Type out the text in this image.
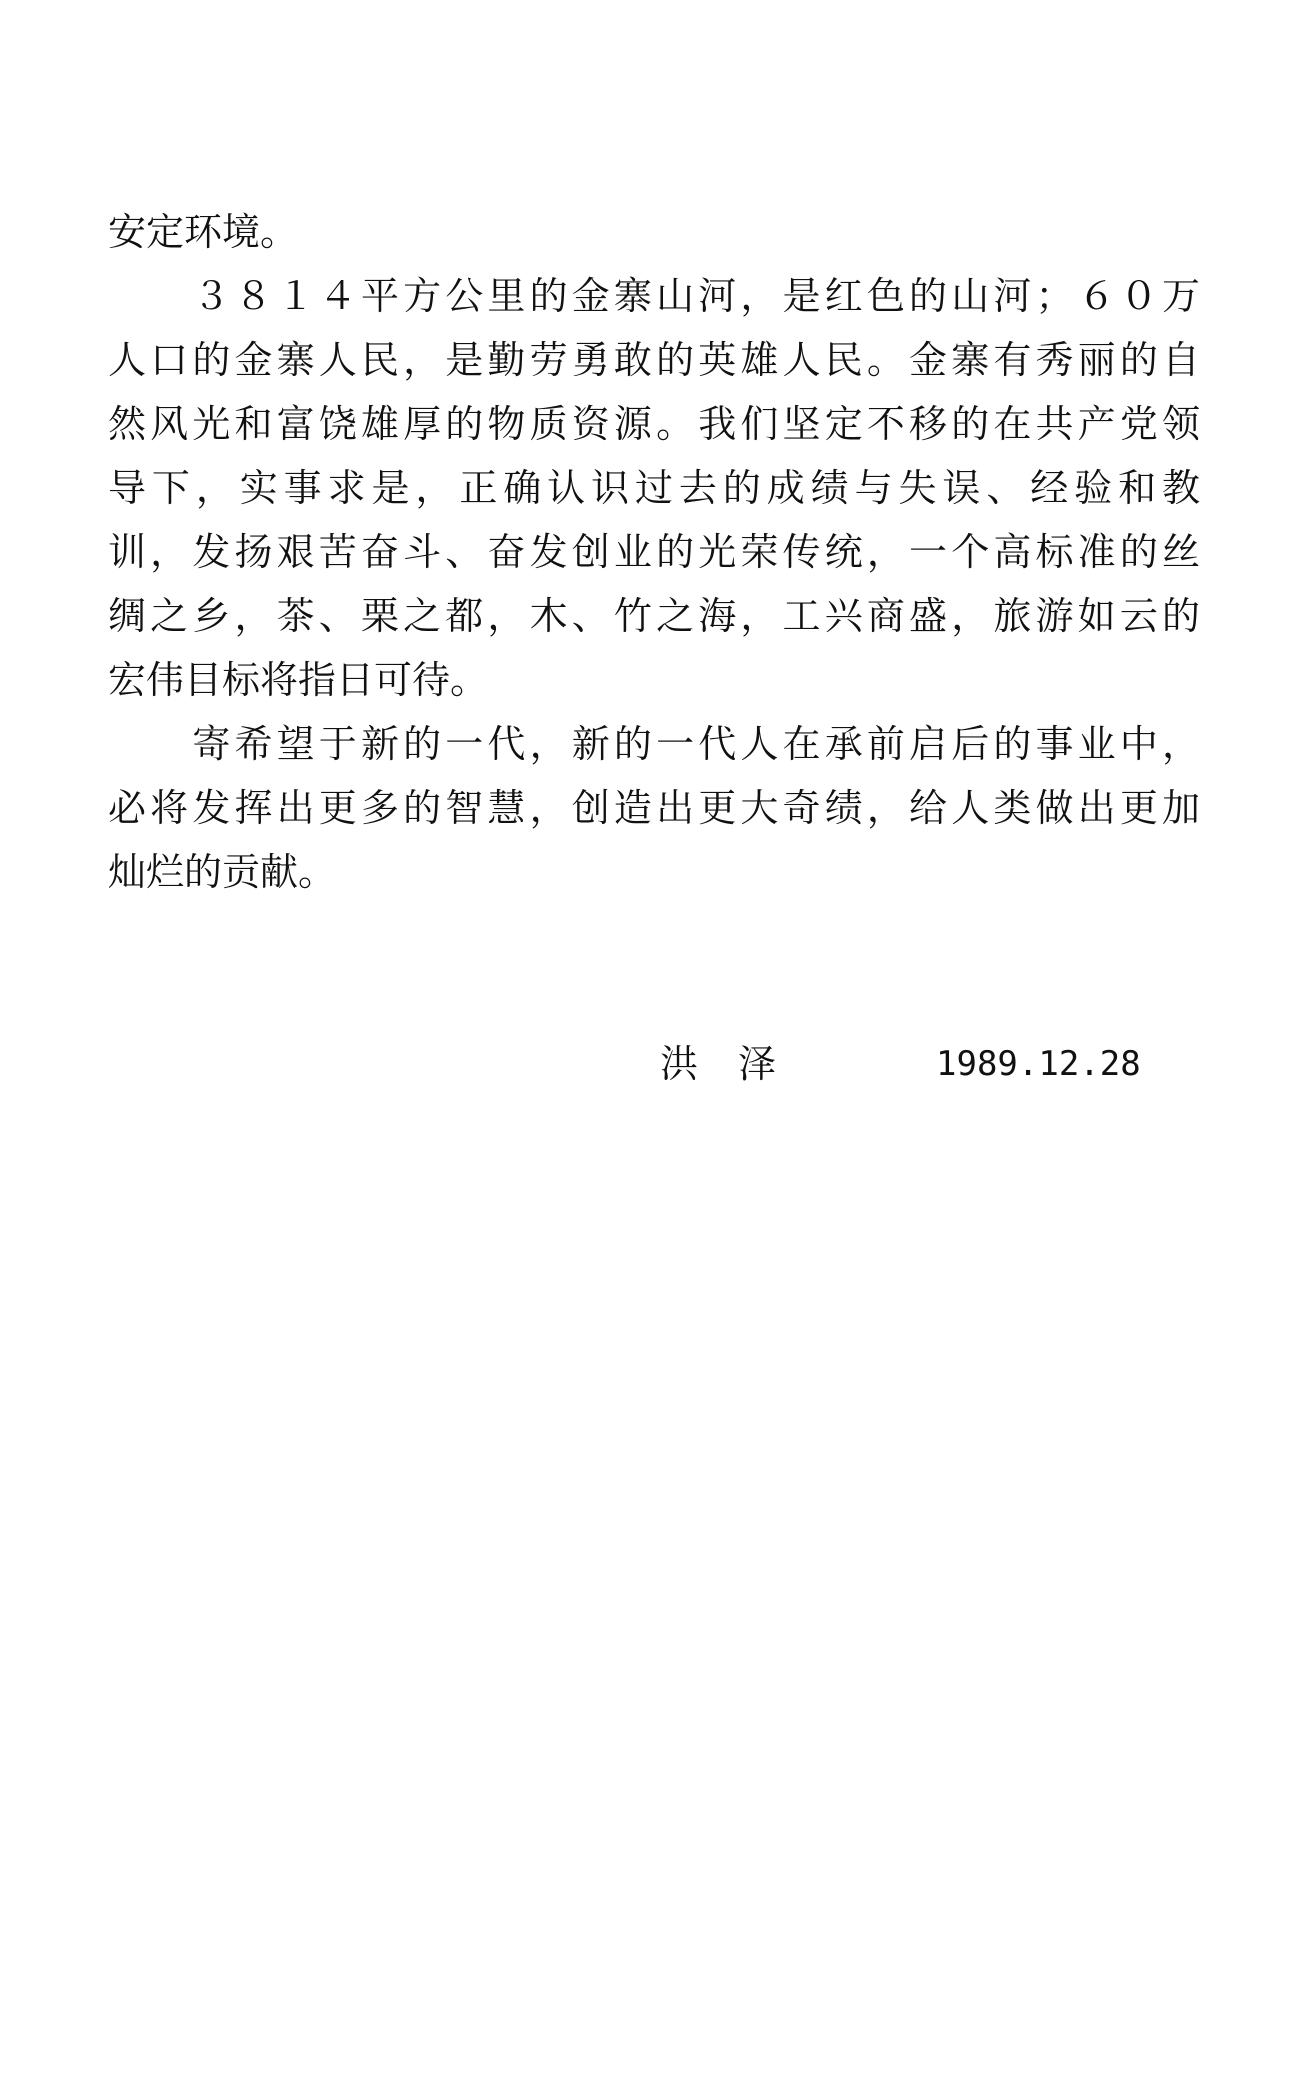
安定环境。
　　３８１４平方公里的金寨山河，是红色的山河；６０万
人口的金寨人民，是勤劳勇敢的英雄人民。金寨有秀丽的自
然风光和富饶雄厚的物质资源。我们坚定不移的在共产党领
导下，实事求是，正确认识过去的成绩与失误、经验和教
训，发扬艰苦奋斗、奋发创业的光荣传统，一个高标准的丝
绸之乡，茶、栗之都，木、竹之海，工兴商盛，旅游如云的
宏伟目标将指日可待。
　　寄希望于新的一代，新的一代人在承前启后的事业中，
必将发挥出更多的智慧，创造出更大奇绩，给人类做出更加
灿烂的贡献。
洪泽	1989.12.28
